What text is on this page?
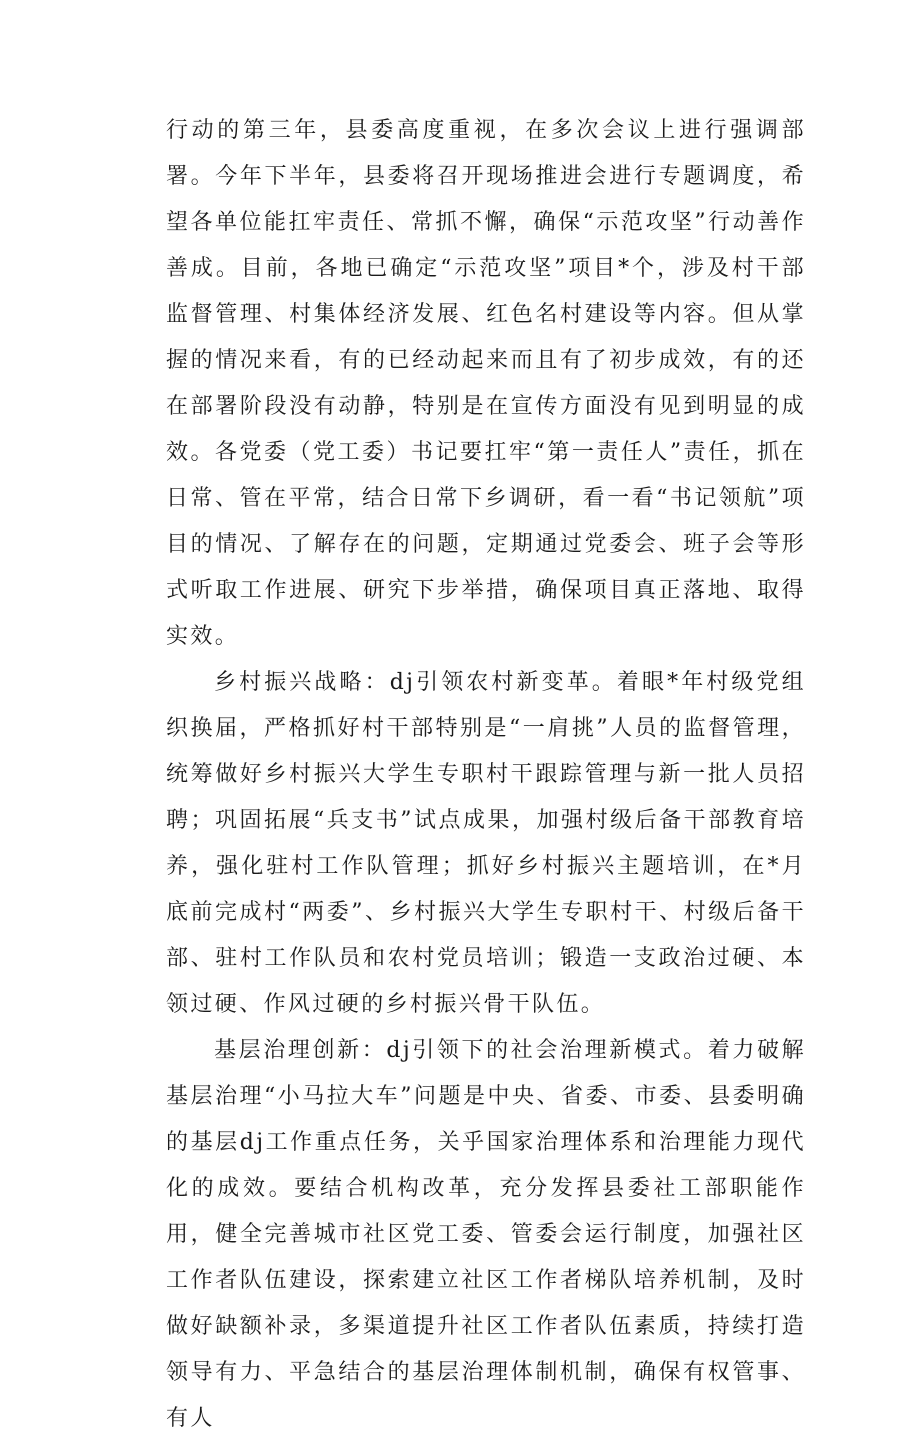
行动的第三年，县委高度重视，在多次会议上进行强调部署。今年下半年，县委将召开现场推进会进行专题调度，希望各单位能扛牢责任、常抓不懈，确保“示范攻坚”行动善作善成。目前，各地已确定“示范攻坚”项目*个，涉及村干部监督管理、村集体经济发展、红色名村建设等内容。但从掌握的情况来看，有的已经动起来而且有了初步成效，有的还在部署阶段没有动静，特别是在宣传方面没有见到明显的成效。各党委（党工委）书记要扛牢“第一责任人”责任，抓在日常、管在平常，结合日常下乡调研，看一看“书记领航”项目的情况、了解存在的问题，定期通过党委会、班子会等形式听取工作进展、研究下步举措，确保项目真正落地、取得实效。

乡村振兴战略：dj引领农村新变革。着眼*年村级党组织换届，严格抓好村干部特别是“一肩挑”人员的监督管理，统筹做好乡村振兴大学生专职村干跟踪管理与新一批人员招聘；巩固拓展“兵支书”试点成果，加强村级后备干部教育培养，强化驻村工作队管理；抓好乡村振兴主题培训，在*月底前完成村“两委”、乡村振兴大学生专职村干、村级后备干部、驻村工作队员和农村党员培训；锻造一支政治过硬、本领过硬、作风过硬的乡村振兴骨干队伍。

基层治理创新：dj引领下的社会治理新模式。着力破解基层治理“小马拉大车”问题是中央、省委、市委、县委明确的基层dj工作重点任务，关乎国家治理体系和治理能力现代化的成效。要结合机构改革，充分发挥县委社工部职能作用，健全完善城市社区党工委、管委会运行制度，加强社区工作者队伍建设，探索建立社区工作者梯队培养机制，及时做好缺额补录，多渠道提升社区工作者队伍素质，持续打造领导有力、平急结合的基层治理体制机制，确保有权管事、有人
